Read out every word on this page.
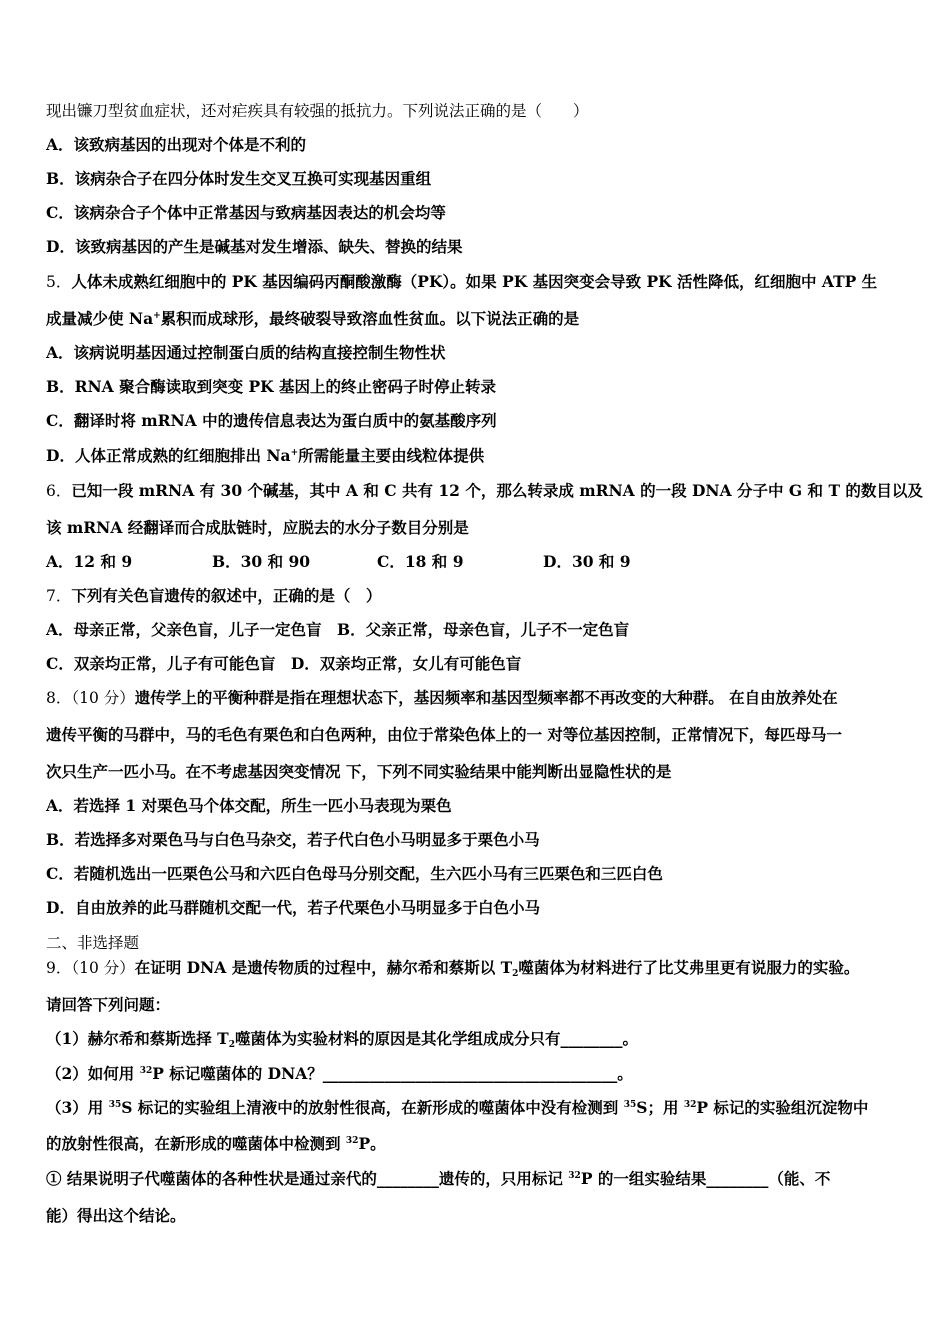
现出镰刀型贫血症状，还对疟疾具有较强的抵抗力。下列说法正确的是（　　）
A．该致病基因的出现对个体是不利的
B．该病杂合子在四分体时发生交叉互换可实现基因重组
C．该病杂合子个体中正常基因与致病基因表达的机会均等
D．该致病基因的产生是碱基对发生增添、缺失、替换的结果
5．人体未成熟红细胞中的 PK 基因编码丙酮酸激酶（PK）。如果 PK 基因突变会导致 PK 活性降低，红细胞中 ATP 生
成量减少使 Na+累积而成球形，最终破裂导致溶血性贫血。以下说法正确的是
A．该病说明基因通过控制蛋白质的结构直接控制生物性状
B．RNA 聚合酶读取到突变 PK 基因上的终止密码子时停止转录
C．翻译时将 mRNA 中的遗传信息表达为蛋白质中的氨基酸序列
D．人体正常成熟的红细胞排出 Na+所需能量主要由线粒体提供
6．已知一段 mRNA 有 30 个碱基，其中 A 和 C 共有 12 个，那么转录成 mRNA 的一段 DNA 分子中 G 和 T 的数目以及
该 mRNA 经翻译而合成肽链时，应脱去的水分子数目分别是
A．12 和 9	B．30 和 90	C．18 和 9	D．30 和 9
7．下列有关色盲遗传的叙述中，正确的是（　）
A．母亲正常，父亲色盲，儿子一定色盲　B．父亲正常，母亲色盲，儿子不一定色盲
C．双亲均正常，儿子有可能色盲　D．双亲均正常，女儿有可能色盲
8．（10 分）遗传学上的平衡种群是指在理想状态下，基因频率和基因型频率都不再改变的大种群。 在自由放养处在
遗传平衡的马群中，马的毛色有栗色和白色两种，由位于常染色体上的一 对等位基因控制，正常情况下，每匹母马一
次只生产一匹小马。在不考虑基因突变情况 下，下列不同实验结果中能判断出显隐性状的是
A．若选择 1 对栗色马个体交配，所生一匹小马表现为栗色
B．若选择多对栗色马与白色马杂交，若子代白色小马明显多于栗色小马
C．若随机选出一匹栗色公马和六匹白色母马分别交配，生六匹小马有三匹栗色和三匹白色
D．自由放养的此马群随机交配一代，若子代栗色小马明显多于白色小马
二、非选择题
9．（10 分）在证明 DNA 是遗传物质的过程中，赫尔希和蔡斯以 $T_2$噬菌体为材料进行了比艾弗里更有说服力的实验。
请回答下列问题：
（1）赫尔希和蔡斯选择 $T_2$噬菌体为实验材料的原因是其化学组成成分只有________。
（2）如何用 $^{32}$P 标记噬菌体的 DNA？______________________________________。
（3）用 $^{35}$S 标记的实验组上清液中的放射性很高，在新形成的噬菌体中没有检测到 $^{35}$S；用 $^{32}$P 标记的实验组沉淀物中
的放射性很高，在新形成的噬菌体中检测到 $^{32}$P。
① 结果说明子代噬菌体的各种性状是通过亲代的________遗传的，只用标记 $^{32}$P 的一组实验结果________（能、不
能）得出这个结论。
